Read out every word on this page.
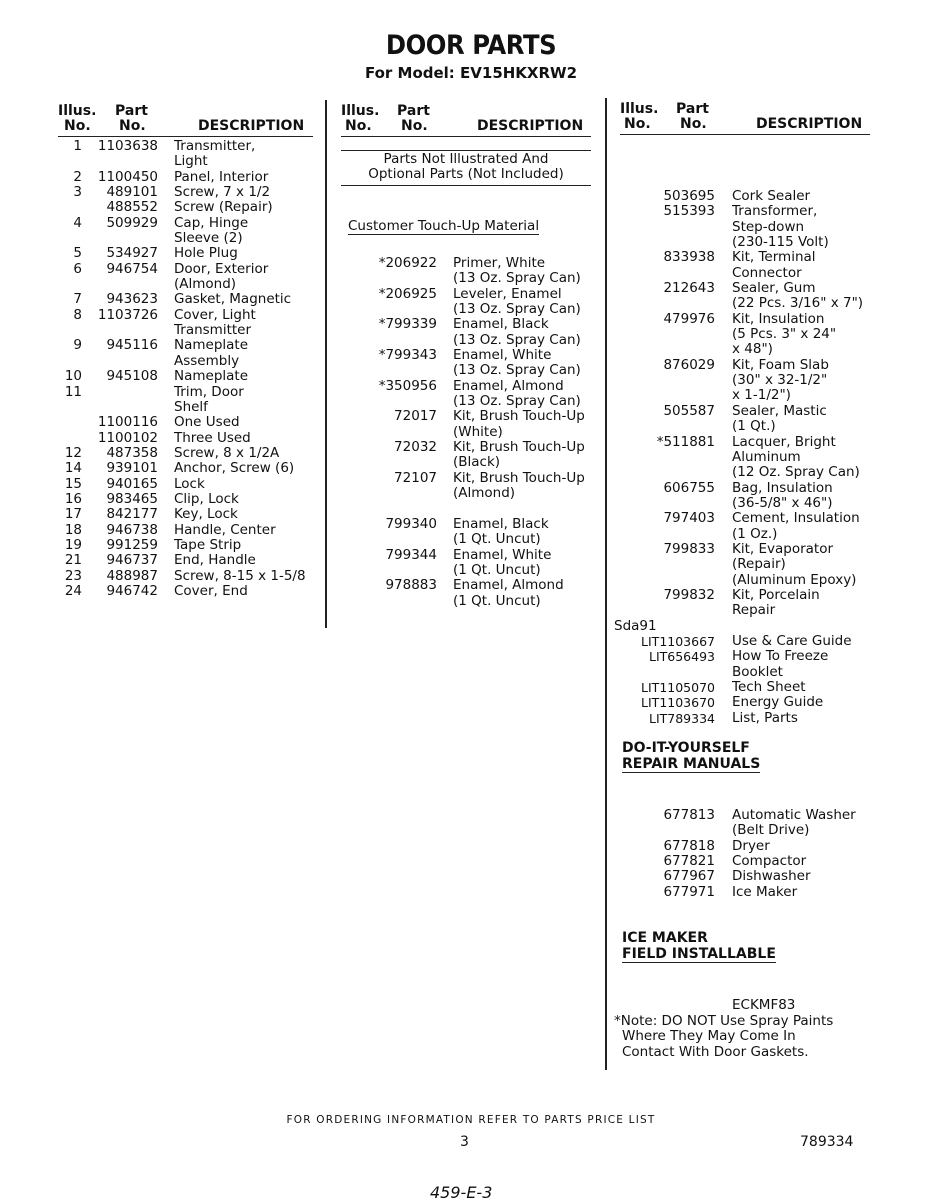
DOOR PARTS
For Model: EV15HKXRW2
Illus.
No.
Part
No.	DESCRIPTION
1	1103638 Transmitter,
Light
2	1100450 Panel, Interior
3	489101 Screw, 7 x 1/2
488552 Screw (Repair)
4	509929 Cap, Hinge
Sleeve (2)
5	534927 Hole Plug
6	946754 Door, Exterior
(Almond)
7	943623 Gasket, Magnetic
8	1103726 Cover, Light
Transmitter
9	945116 Nameplate
Assembly
10	945108 Nameplate
11	Trim, Door
Shelf
1100116 One Used
1100102 Three Used
12	487358 Screw, 8 x 1/2A
14	939101 Anchor, Screw (6)
15	940165 Lock
16	983465 Clip, Lock
17	842177 Key, Lock
18	946738 Handle, Center
19	991259 Tape Strip
21	946737 End, Handle
23	488987 Screw, 8-15 x 1-5/8
24	946742 Cover, End
Illus.
No.
Part
No.	DESCRIPTION
Parts Not Illustrated And
Optional Parts (Not Included)
Customer Touch-Up Material
*206922 Primer, White
(13 Oz. Spray Can)
*206925 Leveler, Enamel
(13 Oz. Spray Can)
*799339 Enamel, Black
(13 Oz. Spray Can)
*799343 Enamel, White
(13 Oz. Spray Can)
*350956 Enamel, Almond
(13 Oz. Spray Can)
72017 Kit, Brush Touch-Up
(White)
72032 Kit, Brush Touch-Up
(Black)
72107 Kit, Brush Touch-Up
(Almond)
799340 Enamel, Black
(1 Qt. Uncut)
799344 Enamel, White
(1 Qt. Uncut)
978883 Enamel, Almond
(1 Qt. Uncut)
Illus.
No.
Part
No.	DESCRIPTION
503695 Cork Sealer
515393 Transformer,
Step-down
(230-115 Volt)
833938 Kit, Terminal
Connector
212643 Sealer, Gum
(22 Pcs. 3/16" x 7")
479976 Kit, Insulation
(5 Pcs. 3" x 24"
x 48")
876029 Kit, Foam Slab
(30" x 32-1/2"
x 1-1/2")
505587 Sealer, Mastic
(1 Qt.)
*511881 Lacquer, Bright
Aluminum
(12 Oz. Spray Can)
606755 Bag, Insulation
(36-5/8" x 46")
797403 Cement, Insulation
(1 Oz.)
799833 Kit, Evaporator
(Repair)
(Aluminum Epoxy)
799832 Kit, Porcelain
Repair
Sda91
LIT1103667 Use & Care Guide
LIT656493 How To Freeze
Booklet
LIT1105070 Tech Sheet
LIT1103670 Energy Guide
LIT789334 List, Parts
DO-IT-YOURSELF
REPAIR MANUALS
677813 Automatic Washer
(Belt Drive)
677818 Dryer
677821 Compactor
677967 Dishwasher
677971 Ice Maker
ICE MAKER
FIELD INSTALLABLE
ECKMF83
*Note: DO NOT Use Spray Paints
Where They May Come In
Contact With Door Gaskets.
FOR ORDERING INFORMATION REFER TO PARTS PRICE LIST
3	789334
459-E-3
